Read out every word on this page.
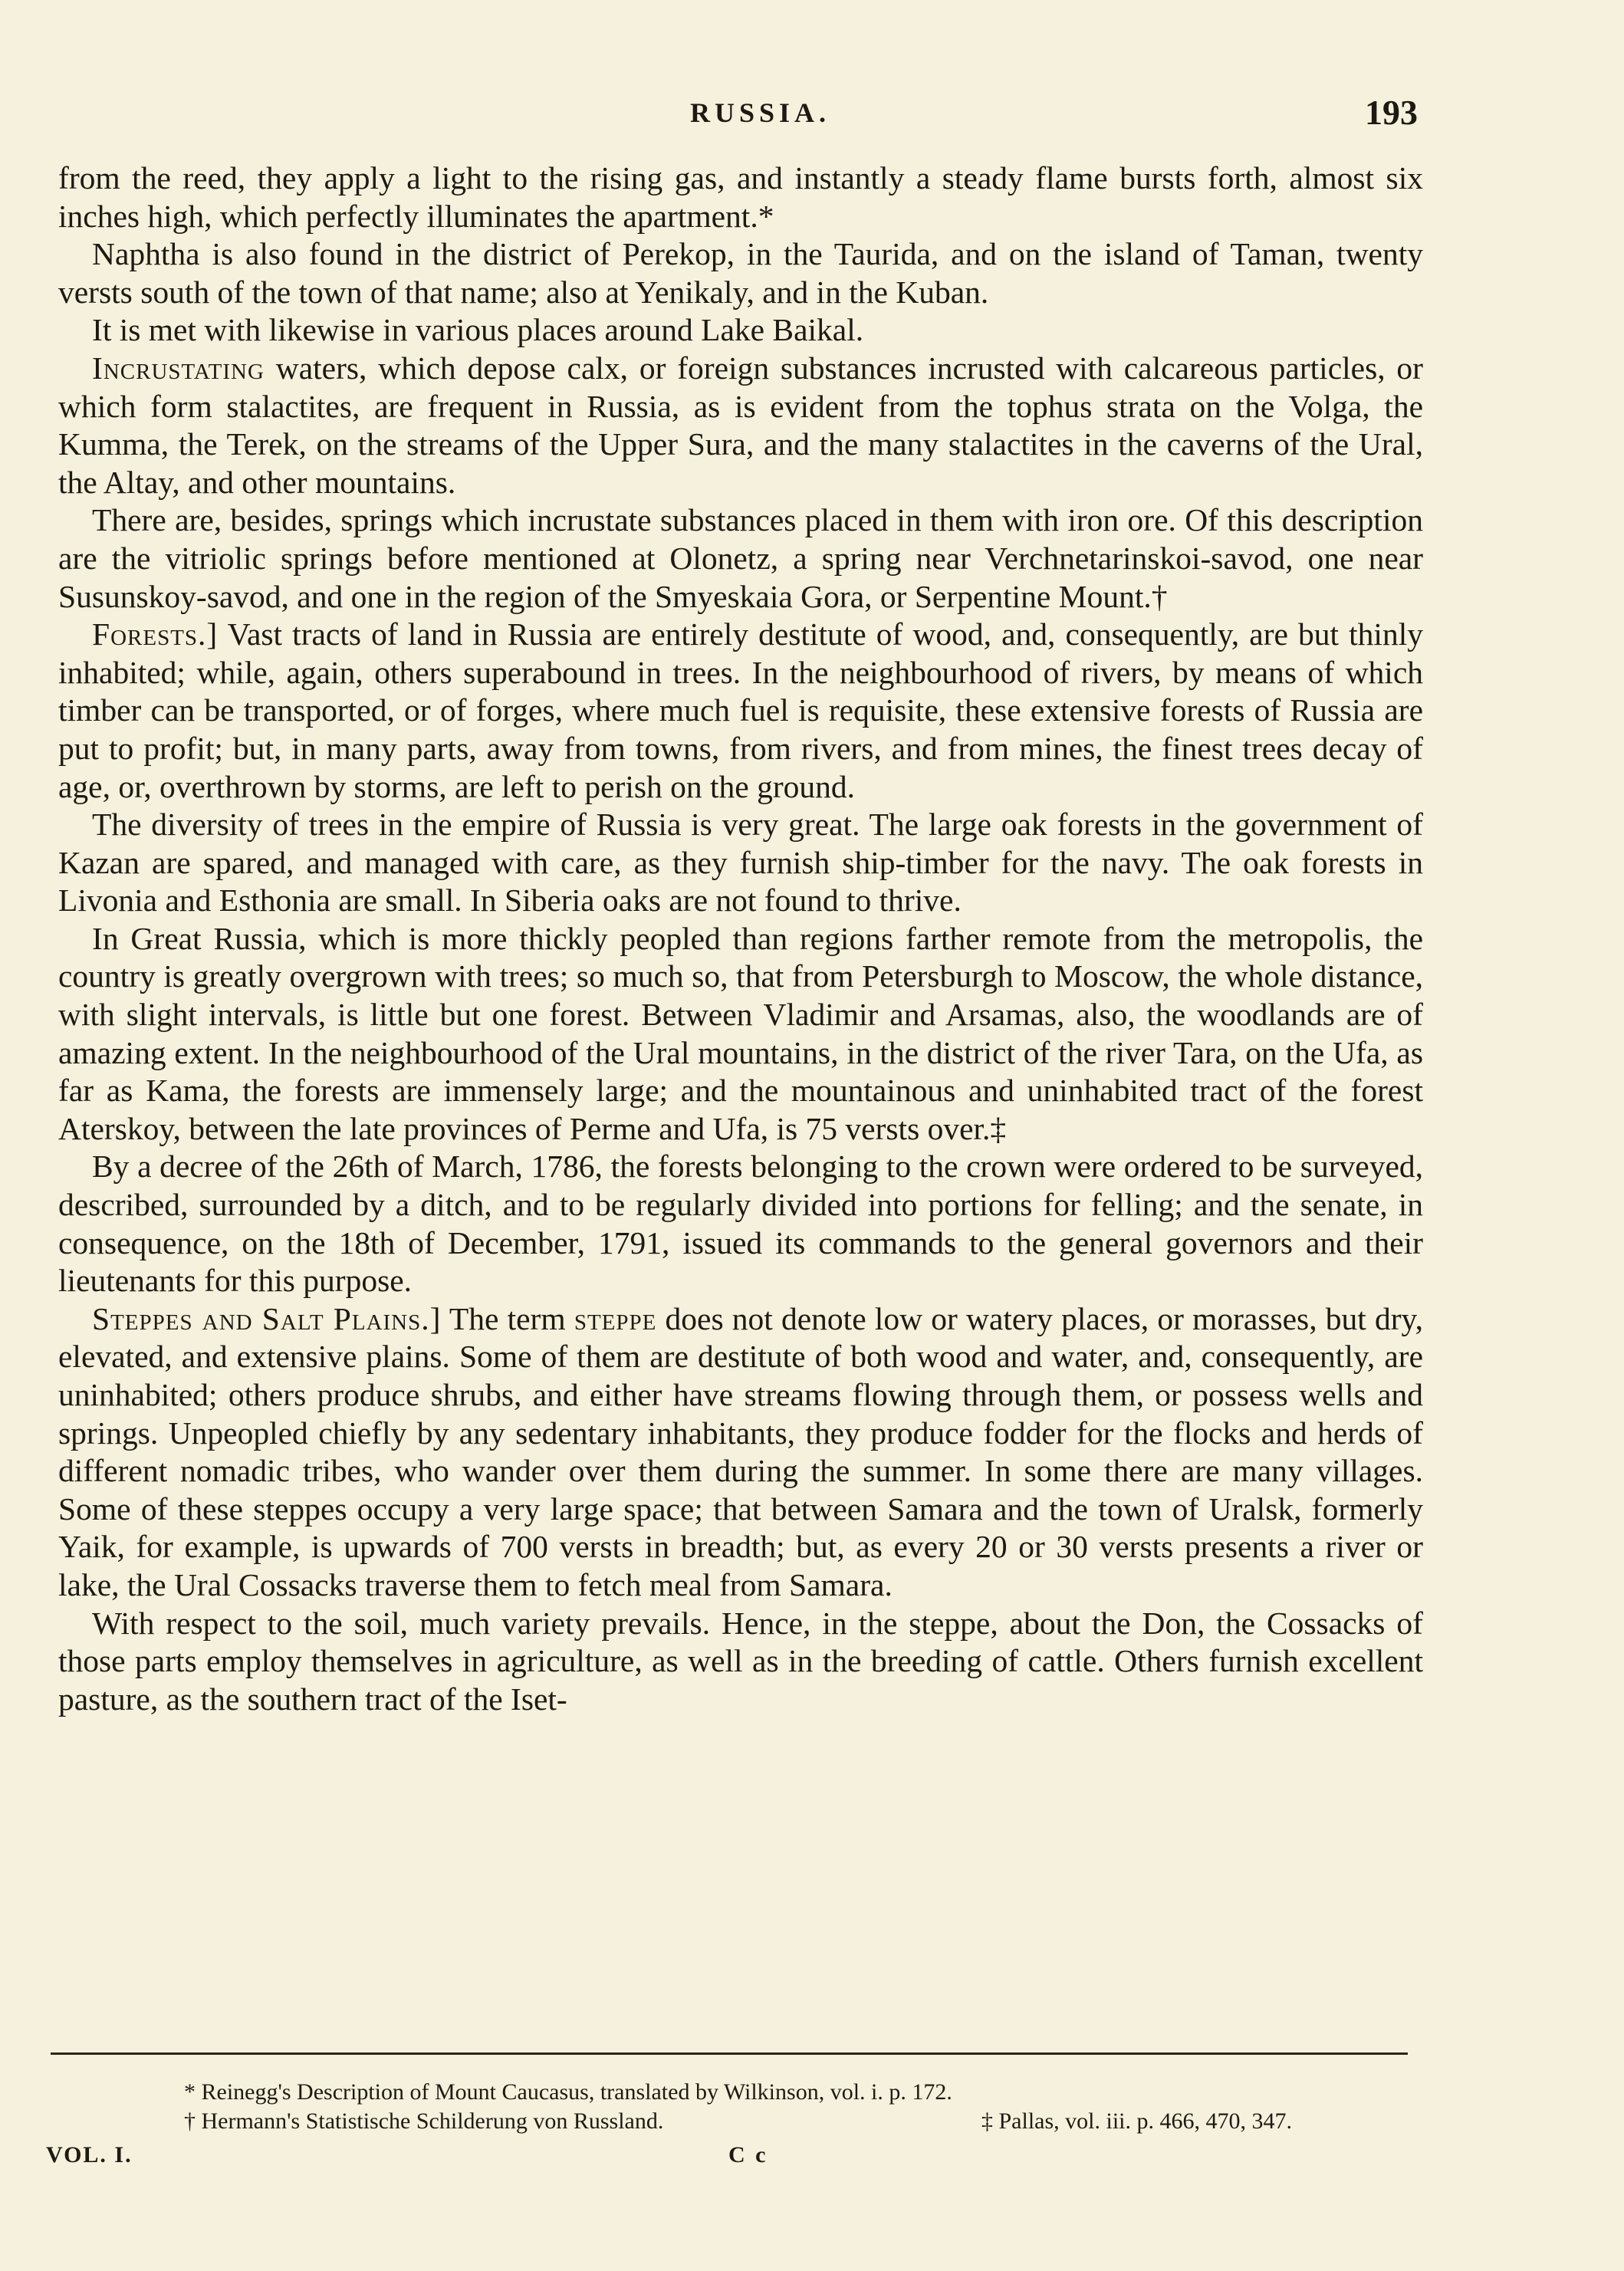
RUSSIA.	193

from the reed, they apply a light to the rising gas, and instantly a steady flame bursts forth, almost six inches high, which perfectly illuminates the apartment.*

Naphtha is also found in the district of Perekop, in the Taurida, and on the island of Taman, twenty versts south of the town of that name; also at Yenikaly, and in the Kuban.

It is met with likewise in various places around Lake Baikal.

Incrustating waters, which depose calx, or foreign substances incrusted with calcareous particles, or which form stalactites, are frequent in Russia, as is evident from the tophus strata on the Volga, the Kumma, the Terek, on the streams of the Upper Sura, and the many stalactites in the caverns of the Ural, the Altay, and other mountains.

There are, besides, springs which incrustate substances placed in them with iron ore. Of this description are the vitriolic springs before mentioned at Olonetz, a spring near Verchnetarinskoi-savod, one near Susunskoy-savod, and one in the region of the Smyeskaia Gora, or Serpentine Mount.†

Forests.] Vast tracts of land in Russia are entirely destitute of wood, and, consequently, are but thinly inhabited; while, again, others superabound in trees. In the neighbourhood of rivers, by means of which timber can be transported, or of forges, where much fuel is requisite, these extensive forests of Russia are put to profit; but, in many parts, away from towns, from rivers, and from mines, the finest trees decay of age, or, overthrown by storms, are left to perish on the ground.

The diversity of trees in the empire of Russia is very great. The large oak forests in the government of Kazan are spared, and managed with care, as they furnish ship-timber for the navy. The oak forests in Livonia and Esthonia are small. In Siberia oaks are not found to thrive.

In Great Russia, which is more thickly peopled than regions farther remote from the metropolis, the country is greatly overgrown with trees; so much so, that from Petersburgh to Moscow, the whole distance, with slight intervals, is little but one forest. Between Vladimir and Arsamas, also, the woodlands are of amazing extent. In the neighbourhood of the Ural mountains, in the district of the river Tara, on the Ufa, as far as Kama, the forests are immensely large; and the mountainous and uninhabited tract of the forest Aterskoy, between the late provinces of Perme and Ufa, is 75 versts over.‡

By a decree of the 26th of March, 1786, the forests belonging to the crown were ordered to be surveyed, described, surrounded by a ditch, and to be regularly divided into portions for felling; and the senate, in consequence, on the 18th of December, 1791, issued its commands to the general governors and their lieutenants for this purpose.

Steppes and Salt Plains.] The term steppe does not denote low or watery places, or morasses, but dry, elevated, and extensive plains. Some of them are destitute of both wood and water, and, consequently, are uninhabited; others produce shrubs, and either have streams flowing through them, or possess wells and springs. Unpeopled chiefly by any sedentary inhabitants, they produce fodder for the flocks and herds of different nomadic tribes, who wander over them during the summer. In some there are many villages. Some of these steppes occupy a very large space; that between Samara and the town of Uralsk, formerly Yaik, for example, is upwards of 700 versts in breadth; but, as every 20 or 30 versts presents a river or lake, the Ural Cossacks traverse them to fetch meal from Samara.

With respect to the soil, much variety prevails. Hence, in the steppe, about the Don, the Cossacks of those parts employ themselves in agriculture, as well as in the breeding of cattle. Others furnish excellent pasture, as the southern tract of the Iset-

* Reinegg's Description of Mount Caucasus, translated by Wilkinson, vol. i. p. 172.
† Hermann's Statistische Schilderung von Russland.	‡ Pallas, vol. iii. p. 466, 470, 347.
VOL. I.	C c
